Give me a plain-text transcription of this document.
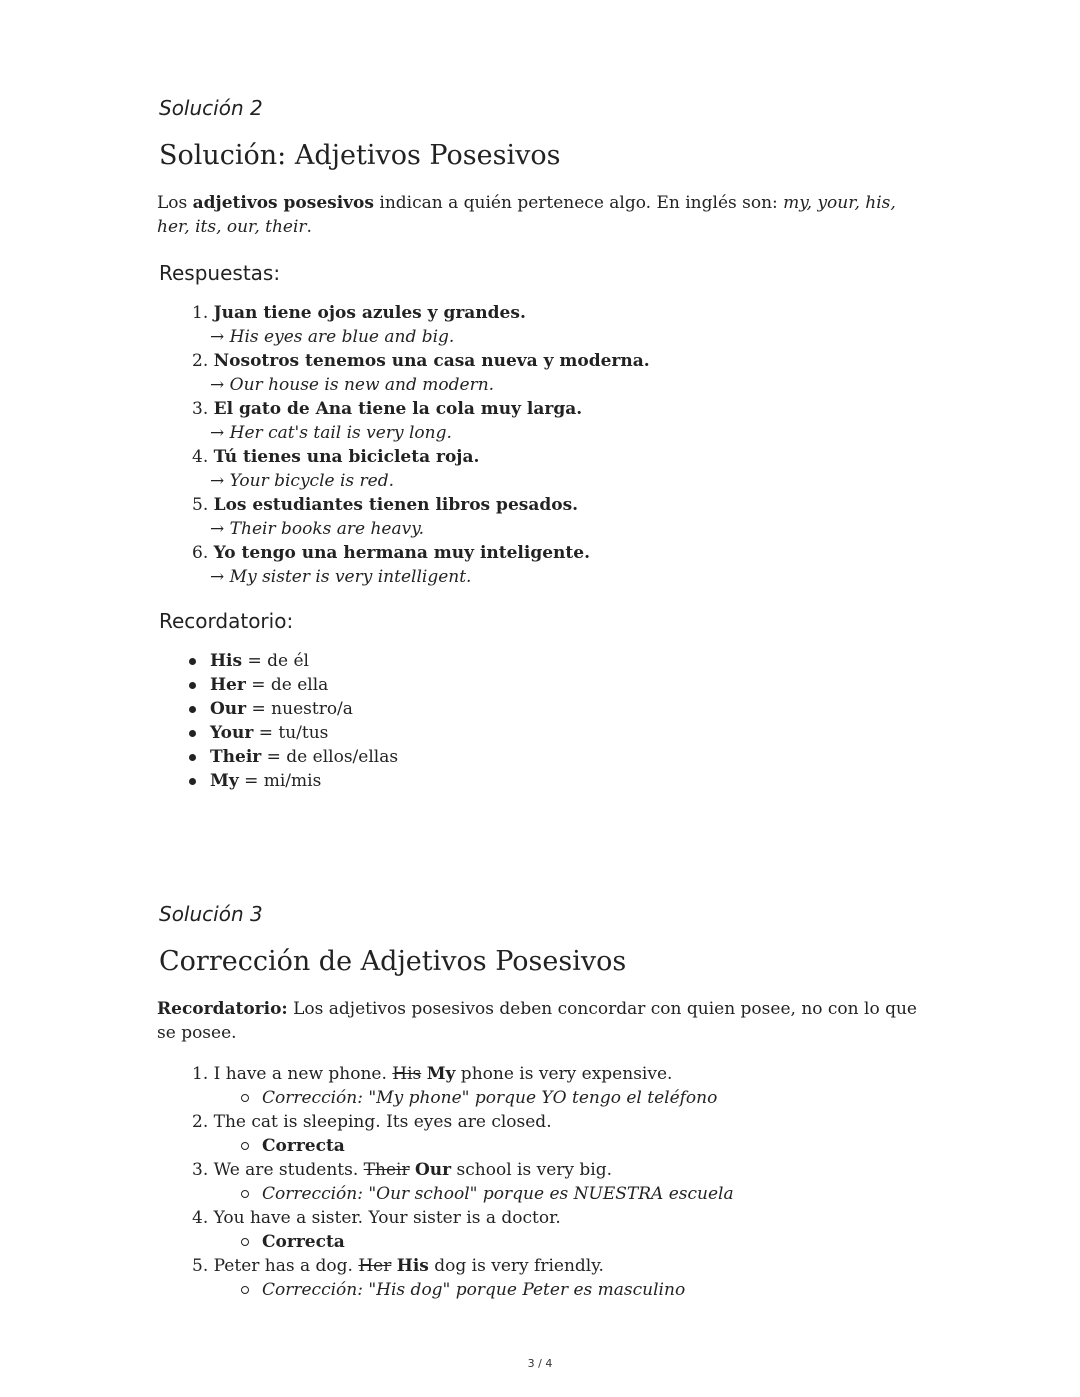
Solución 2
Solución: Adjetivos Posesivos
Los adjetivos posesivos indican a quién pertenece algo. En inglés son: my, your, his, her, its, our, their.
Respuestas:
1. Juan tiene ojos azules y grandes.
→ His eyes are blue and big.
2. Nosotros tenemos una casa nueva y moderna.
→ Our house is new and modern.
3. El gato de Ana tiene la cola muy larga.
→ Her cat's tail is very long.
4. Tú tienes una bicicleta roja.
→ Your bicycle is red.
5. Los estudiantes tienen libros pesados.
→ Their books are heavy.
6. Yo tengo una hermana muy inteligente.
→ My sister is very intelligent.
Recordatorio:
His = de él
Her = de ella
Our = nuestro/a
Your = tu/tus
Their = de ellos/ellas
My = mi/mis
Solución 3
Corrección de Adjetivos Posesivos
Recordatorio: Los adjetivos posesivos deben concordar con quien posee, no con lo que se posee.
1. I have a new phone. His My phone is very expensive.
Corrección: "My phone" porque YO tengo el teléfono
2. The cat is sleeping. Its eyes are closed.
Correcta
3. We are students. Their Our school is very big.
Corrección: "Our school" porque es NUESTRA escuela
4. You have a sister. Your sister is a doctor.
Correcta
5. Peter has a dog. Her His dog is very friendly.
Corrección: "His dog" porque Peter es masculino
3 / 4
